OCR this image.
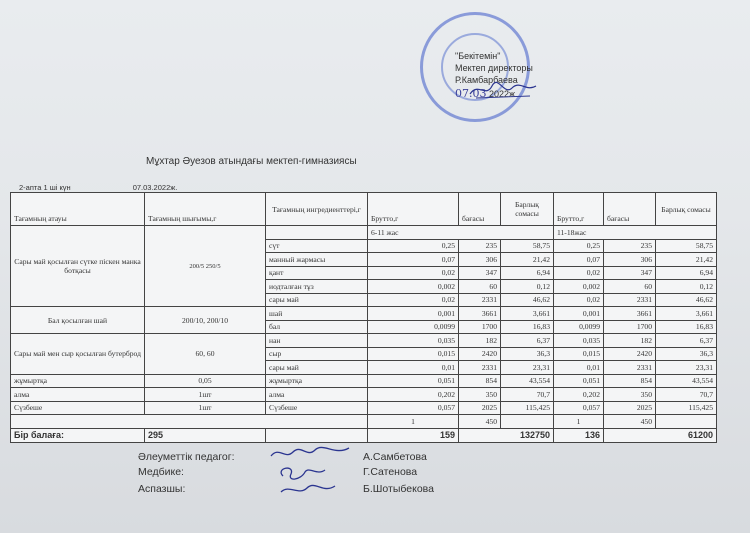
"Бекітемін"
Мектеп директоры
Р.Камбарбаева
07.03 2022ж.
Мұхтар Әуезов атындағы мектеп-гимназиясы
2-апта 1 ші күн	07.03.2022ж.
Тағамның атауы	Тағамның шығымы,г	Тағамның ингредиенттері,г	Брутто,г	бағасы	Барлық сомасы	Брутто,г	бағасы	Барлық сомасы
Сары май қосылған сүтке піскен манка ботқасы	200/5 250/5		6-11 жас			11-18жас		
		сүт	0,25	235	58,75	0,25	235	58,75
		манный жармасы	0,07	306	21,42	0,07	306	21,42
		қант	0,02	347	6,94	0,02	347	6,94
		иодталған тұз	0,002	60	0,12	0,002	60	0,12
		сары май	0,02	2331	46,62	0,02	2331	46,62
Бал қосылған шай	200/10, 200/10	шай	0,001	3661	3,661	0,001	3661	3,661
		бал	0,0099	1700	16,83	0,0099	1700	16,83
Сары май мен сыр қосылған бутерброд	60, 60	нан	0,035	182	6,37	0,035	182	6,37
		сыр	0,015	2420	36,3	0,015	2420	36,3
		сары май	0,01	2331	23,31	0,01	2331	23,31
жұмыртқа	0,05	жұмыртқа	0,051	854	43,554	0,051	854	43,554
алма	1шт	алма	0,202	350	70,7	0,202	350	70,7
Сүзбеше	1шт	Сүзбеше	0,057	2025	115,425	0,057	2025	115,425
			1	450		1	450	
Бір балаға:	295		159	132750		136	61200	
Әлеуметтік педагог:	А.Самбетова
Медбике:	Г.Сатенова
Аспазшы:	Б.Шотыбекова
